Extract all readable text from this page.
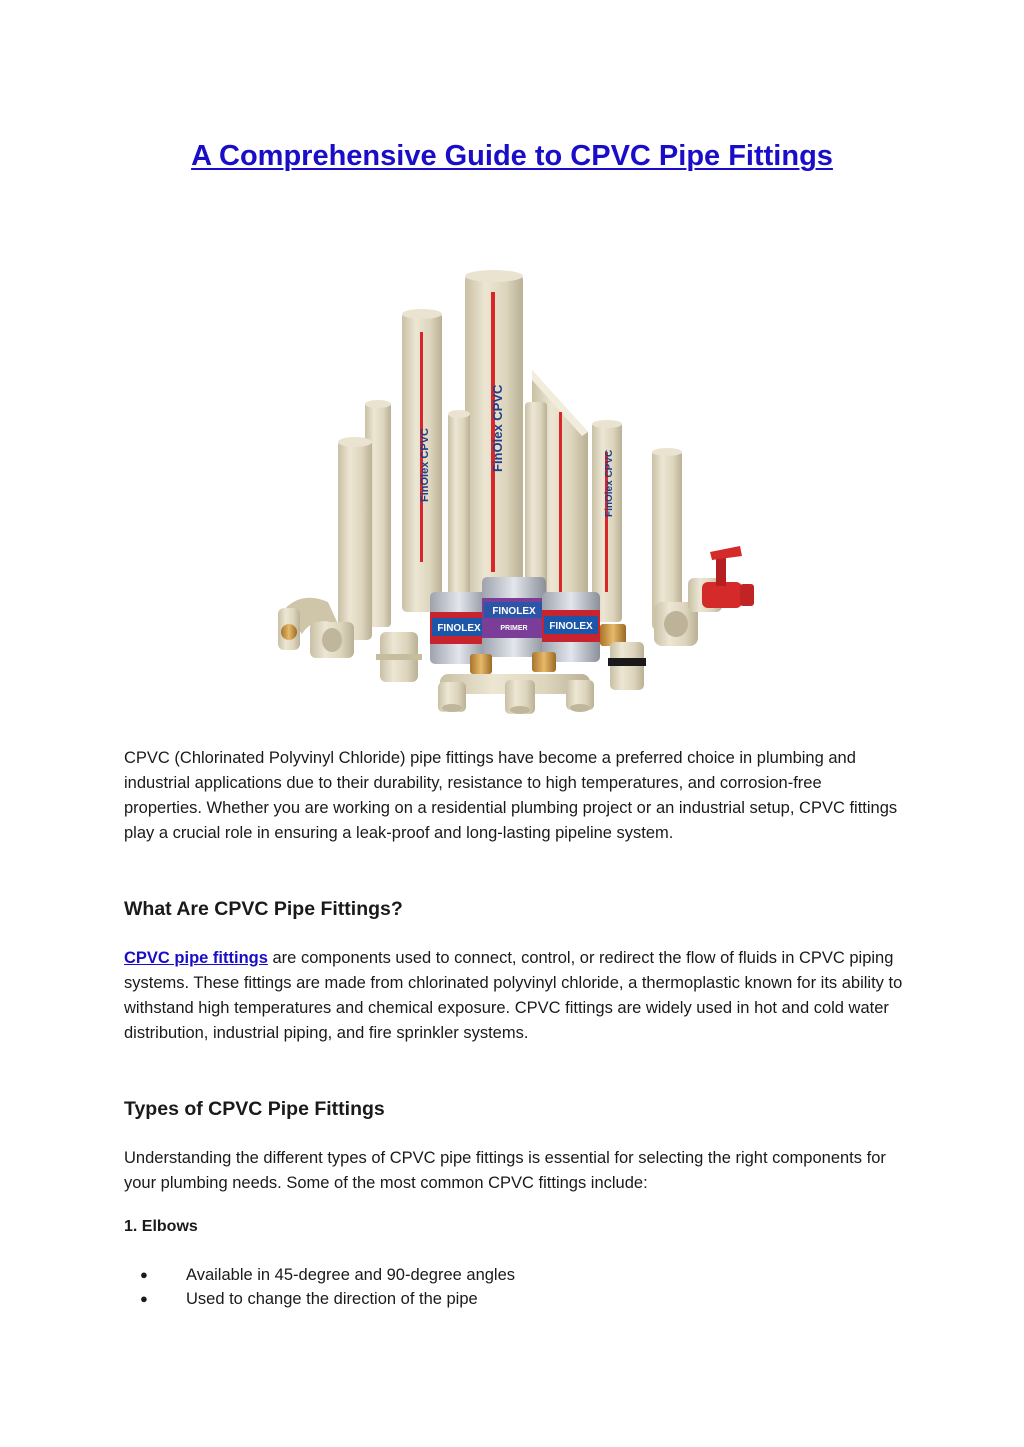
A Comprehensive Guide to CPVC Pipe Fittings
FinOlex CPVC	FinOlex CPVC
FinOlex CPVC
FINOLEX
FINOLEX
PRIMER FINOLEX

CPVC (Chlorinated Polyvinyl Chloride) pipe fittings have become a preferred choice in plumbing and industrial applications due to their durability, resistance to high temperatures, and corrosion-free properties. Whether you are working on a residential plumbing project or an industrial setup, CPVC fittings play a crucial role in ensuring a leak-proof and long-lasting pipeline system.

What Are CPVC Pipe Fittings?

CPVC pipe fittings are components used to connect, control, or redirect the flow of fluids in CPVC piping systems. These fittings are made from chlorinated polyvinyl chloride, a thermoplastic known for its ability to withstand high temperatures and chemical exposure. CPVC fittings are widely used in hot and cold water distribution, industrial piping, and fire sprinkler systems.

Types of CPVC Pipe Fittings

Understanding the different types of CPVC pipe fittings is essential for selecting the right components for your plumbing needs. Some of the most common CPVC fittings include:

1. Elbows
● Available in 45-degree and 90-degree angles
● Used to change the direction of the pipe
